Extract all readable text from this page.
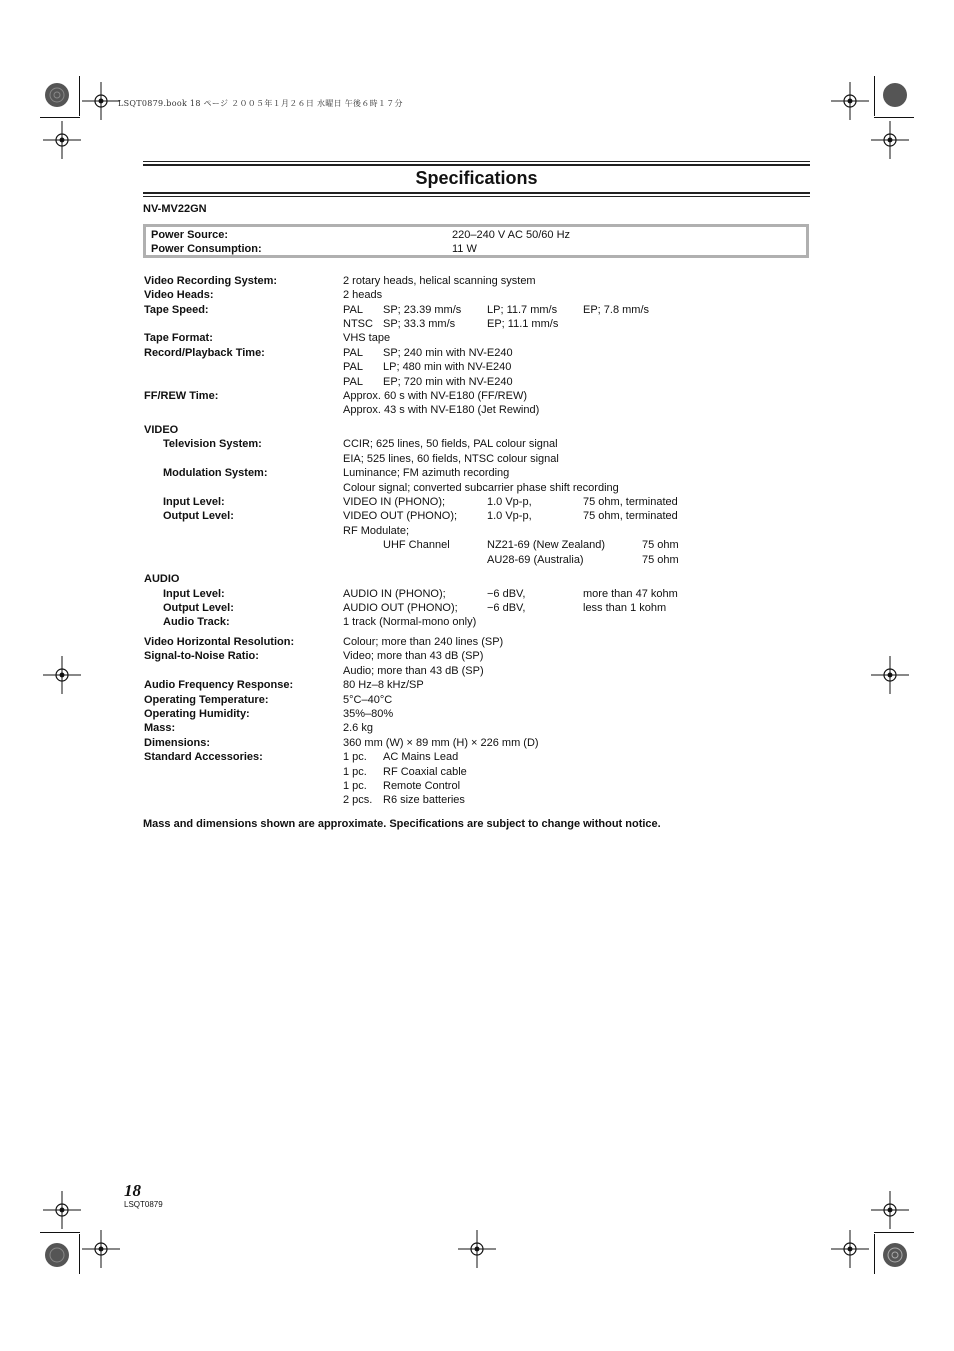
LSQT0879.book 18 ページ ２００５年１月２６日 水曜日 午後６時１７分
Specifications
NV-MV22GN
Power Source:	220–240 V AC 50/60 Hz
Power Consumption:	11 W
Video Recording System:	2 rotary heads, helical scanning system
Video Heads:	2 heads
Tape Speed:	PAL SP; 23.39 mm/s LP; 11.7 mm/s EP; 7.8 mm/s
NTSC SP; 33.3 mm/s	EP; 11.1 mm/s
Tape Format:	VHS tape
Record/Playback Time:	PAL SP; 240 min with NV-E240
PAL LP; 480 min with NV-E240
PAL EP; 720 min with NV-E240
FF/REW Time:	Approx. 60 s with NV-E180 (FF/REW)
Approx. 43 s with NV-E180 (Jet Rewind)
VIDEO
Television System:	CCIR; 625 lines, 50 fields, PAL colour signal
EIA; 525 lines, 60 fields, NTSC colour signal
Modulation System:	Luminance; FM azimuth recording
Colour signal; converted subcarrier phase shift recording
Input Level:	VIDEO IN (PHONO);	1.0 Vp-p,	75 ohm, terminated
Output Level:	VIDEO OUT (PHONO);	1.0 Vp-p,	75 ohm, terminated
RF Modulate;
UHF Channel	NZ21-69 (New Zealand)	75 ohm
AU28-69 (Australia)	75 ohm
AUDIO
Input Level:	AUDIO IN (PHONO);	−6 dBV,	more than 47 kohm
Output Level:	AUDIO OUT (PHONO);	−6 dBV,	less than 1 kohm
Audio Track:	1 track (Normal-mono only)
Video Horizontal Resolution:	Colour; more than 240 lines (SP)
Signal-to-Noise Ratio:	Video; more than 43 dB (SP)
Audio; more than 43 dB (SP)
Audio Frequency Response:	80 Hz–8 kHz/SP
Operating Temperature:	5°C–40°C
Operating Humidity:	35%–80%
Mass:	2.6 kg
Dimensions:	360 mm (W) × 89 mm (H) × 226 mm (D)
Standard Accessories:	1 pc. AC Mains Lead
1 pc. RF Coaxial cable
1 pc. Remote Control
2 pcs. R6 size batteries
Mass and dimensions shown are approximate. Specifications are subject to change without notice.
18
LSQT0879
